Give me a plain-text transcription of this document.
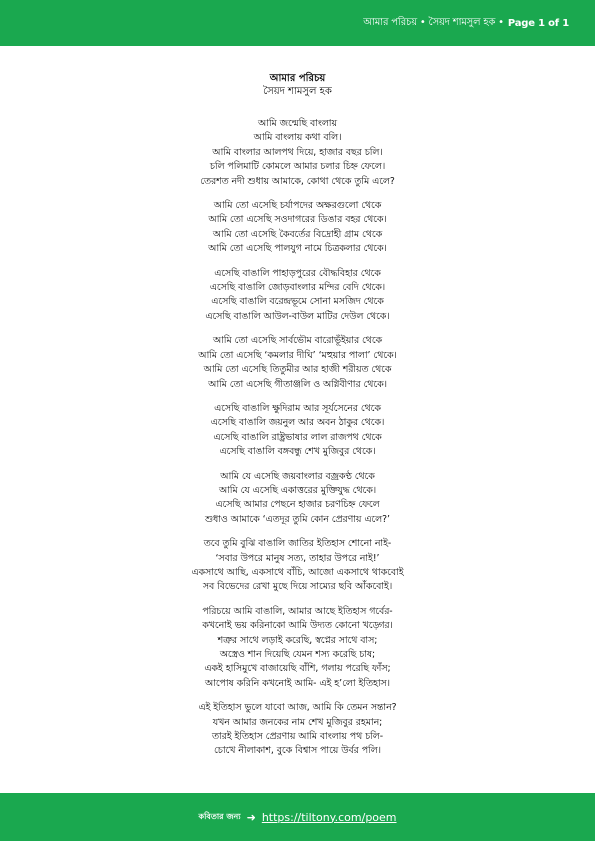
আমার পরিচয় • সৈয়দ শামসুল হক • Page 1 of 1
আমার পরিচয়
সৈয়দ শামসুল হক
আমি জন্মেছি বাংলায়
আমি বাংলায় কথা বলি।
আমি বাংলার আলপথ দিয়ে, হাজার বছর চলি।
চলি পলিমাটি কোমলে আমার চলার চিহ্ন ফেলে।
তেরশত নদী শুধায় আমাকে, কোথা থেকে তুমি এলে?
আমি তো এসেছি চর্যাপদের অক্ষরগুলো থেকে
আমি তো এসেছি সওদাগরের ডিঙার বহর থেকে।
আমি তো এসেছি কৈবর্তের বিদ্রোহী গ্রাম থেকে
আমি তো এসেছি পালযুগ নামে চিত্রকলার থেকে।
এসেছি বাঙালি পাহাড়পুরের বৌদ্ধবিহার থেকে
এসেছি বাঙালি জোড়বাংলার মন্দির বেদি থেকে।
এসেছি বাঙালি বরেন্দ্রভূমে সোনা মসজিদ থেকে
এসেছি বাঙালি আউল-বাউল মাটির দেউল থেকে।
আমি তো এসেছি সার্বভৌম বারোভূঁইয়ার থেকে
আমি তো এসেছি ‘কমলার দীঘি’ ‘মহুয়ার পালা’ থেকে।
আমি তো এসেছি তিতুমীর আর হাজী শরীয়ত থেকে
আমি তো এসেছি গীতাঞ্জলি ও অগ্নিবীণার থেকে।
এসেছি বাঙালি ক্ষুদিরাম আর সূর্যসেনের থেকে
এসেছি বাঙালি জয়নুল আর অবন ঠাকুর থেকে।
এসেছি বাঙালি রাষ্ট্রভাষার লাল রাজপথ থেকে
এসেছি বাঙালি বঙ্গবন্ধু শেখ মুজিবুর থেকে।
আমি যে এসেছি জয়বাংলার বজ্রকণ্ঠ থেকে
আমি যে এসেছি একাত্তরের মুক্তিযুদ্ধ থেকে।
এসেছি আমার পেছনে হাজার চরণচিহ্ন ফেলে
শুধাও আমাকে ‘এতদূর তুমি কোন প্রেরণায় এলে?’
তবে তুমি বুঝি বাঙালি জাতির ইতিহাস শোনো নাই-
‘সবার উপরে মানুষ সত্য, তাহার উপরে নাই!’
একসাথে আছি, একসাথে বাঁচি, আজো একসাথে থাকবোই
সব বিভেদের রেখা মুছে দিয়ে সাম্যের ছবি আঁকবোই।
পরিচয়ে আমি বাঙালি, আমার আছে ইতিহাস গর্বের-
কখনোই ভয় করিনাকো আমি উদ্যত কোনো খড়্গের।
শত্রুর সাথে লড়াই করেছি, স্বপ্নের সাথে বাস;
অস্ত্রেও শান দিয়েছি যেমন শস্য করেছি চাষ;
একই হাসিমুখে বাজায়েছি বাঁশি, গলায় পরেছি ফাঁস;
আপোষ করিনি কখনোই আমি- এই হ’লো ইতিহাস।
এই ইতিহাস ভুলে যাবো আজ, আমি কি তেমন সন্তান?
যখন আমার জনকের নাম শেখ মুজিবুর রহমান;
তারই ইতিহাস প্রেরণায় আমি বাংলায় পথ চলি-
চোখে নীলাকাশ, বুকে বিশ্বাস পায়ে উর্বর পলি।
কবিতার জন্য ➜ https://tiltony.com/poem
